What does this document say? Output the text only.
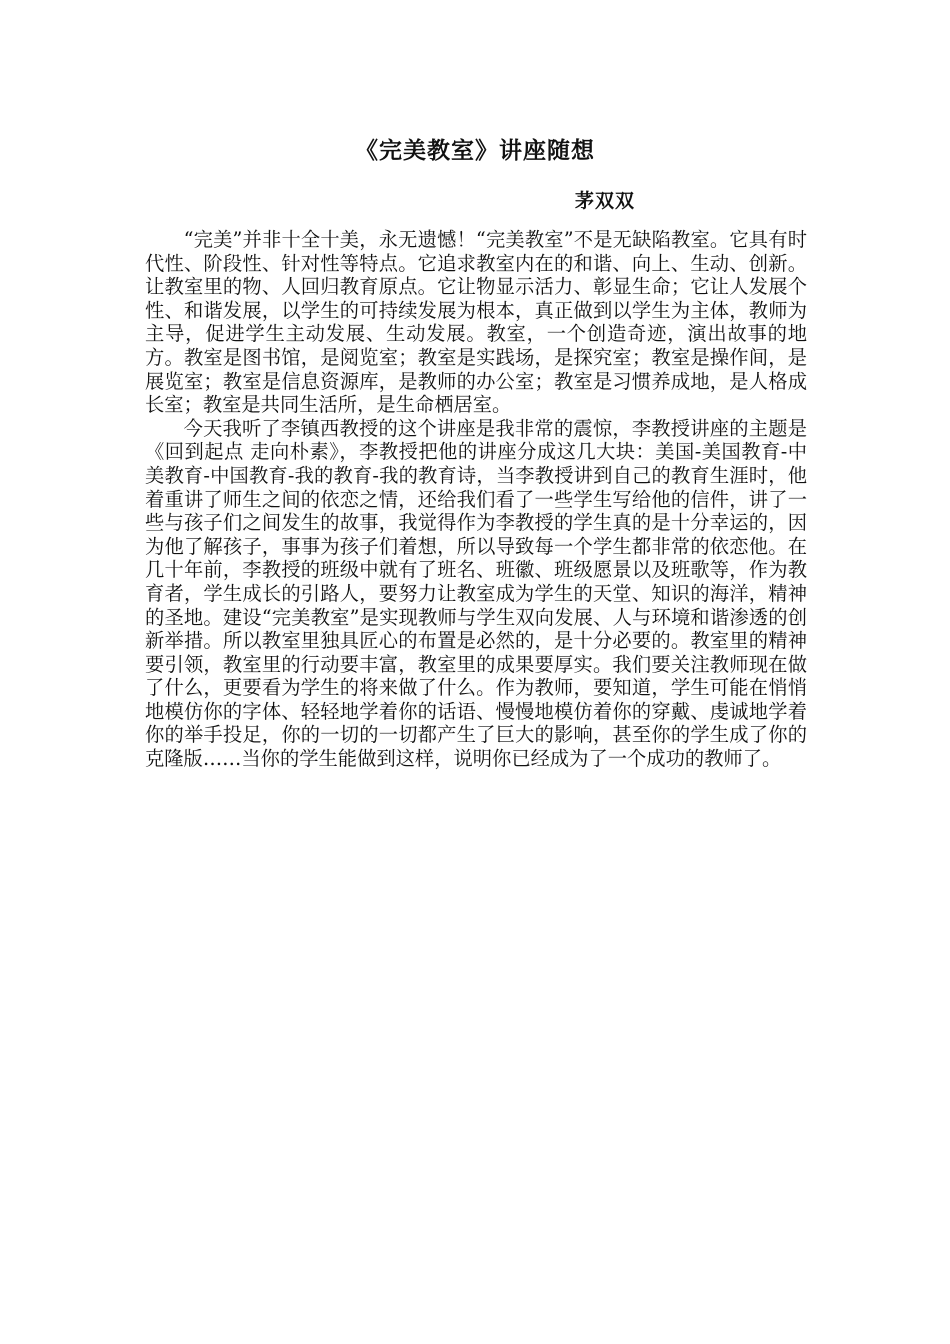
《完美教室》讲座随想
茅双双

“完美”并非十全十美，永无遗憾！“完美教室”不是无缺陷教室。它具有时代性、阶段性、针对性等特点。它追求教室内在的和谐、向上、生动、创新。让教室里的物、人回归教育原点。它让物显示活力、彰显生命；它让人发展个性、和谐发展，以学生的可持续发展为根本，真正做到以学生为主体，教师为主导，促进学生主动发展、生动发展。教室，一个创造奇迹，演出故事的地方。教室是图书馆，是阅览室；教室是实践场，是探究室；教室是操作间，是展览室；教室是信息资源库，是教师的办公室；教室是习惯养成地，是人格成长室；教室是共同生活所，是生命栖居室。

今天我听了李镇西教授的这个讲座是我非常的震惊，李教授讲座的主题是《回到起点 走向朴素》，李教授把他的讲座分成这几大块：美国-美国教育-中美教育-中国教育-我的教育-我的教育诗，当李教授讲到自己的教育生涯时，他着重讲了师生之间的依恋之情，还给我们看了一些学生写给他的信件，讲了一些与孩子们之间发生的故事，我觉得作为李教授的学生真的是十分幸运的，因为他了解孩子，事事为孩子们着想，所以导致每一个学生都非常的依恋他。在几十年前，李教授的班级中就有了班名、班徽、班级愿景以及班歌等，作为教育者，学生成长的引路人，要努力让教室成为学生的天堂、知识的海洋，精神的圣地。建设“完美教室”是实现教师与学生双向发展、人与环境和谐渗透的创新举措。所以教室里独具匠心的布置是必然的，是十分必要的。教室里的精神要引领，教室里的行动要丰富，教室里的成果要厚实。我们要关注教师现在做了什么，更要看为学生的将来做了什么。作为教师，要知道，学生可能在悄悄地模仿你的字体、轻轻地学着你的话语、慢慢地模仿着你的穿戴、虔诚地学着你的举手投足，你的一切的一切都产生了巨大的影响，甚至你的学生成了你的克隆版……当你的学生能做到这样，说明你已经成为了一个成功的教师了。
